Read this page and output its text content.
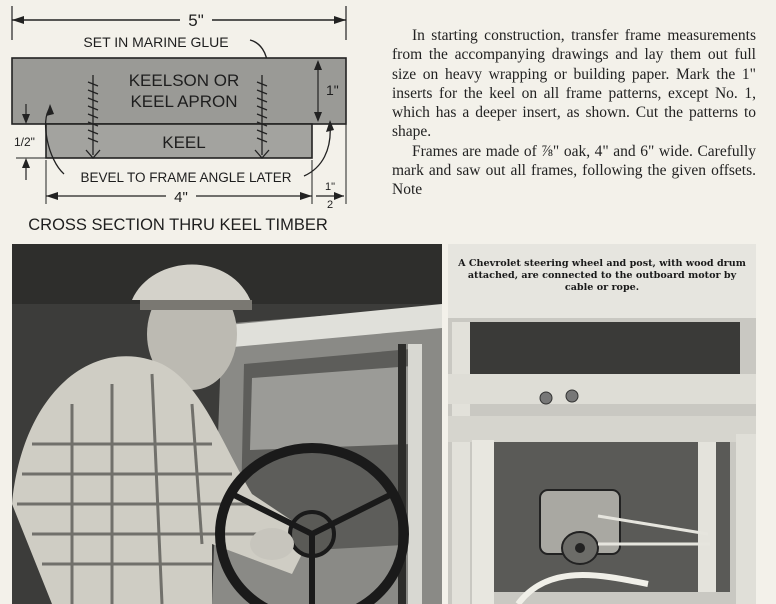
5"
SET IN MARINE GLUE
KEELSON OR
KEEL APRON
1"
KEEL
1/2"
BEVEL TO FRAME ANGLE LATER
4"
1"
2
CROSS SECTION THRU KEEL TIMBER

In starting construction, transfer frame measurements from the accompanying drawings and lay them out full size on heavy wrapping or building paper. Mark the 1" inserts for the keel on all frame patterns, except No. 1, which has a deeper insert, as shown. Cut the patterns to shape.

Frames are made of ⅞" oak, 4" and 6" wide. Carefully mark and saw out all frames, following the given offsets. Note

A Chevrolet steering wheel and post, with wood drum attached, are connected to the outboard motor by cable or rope.
